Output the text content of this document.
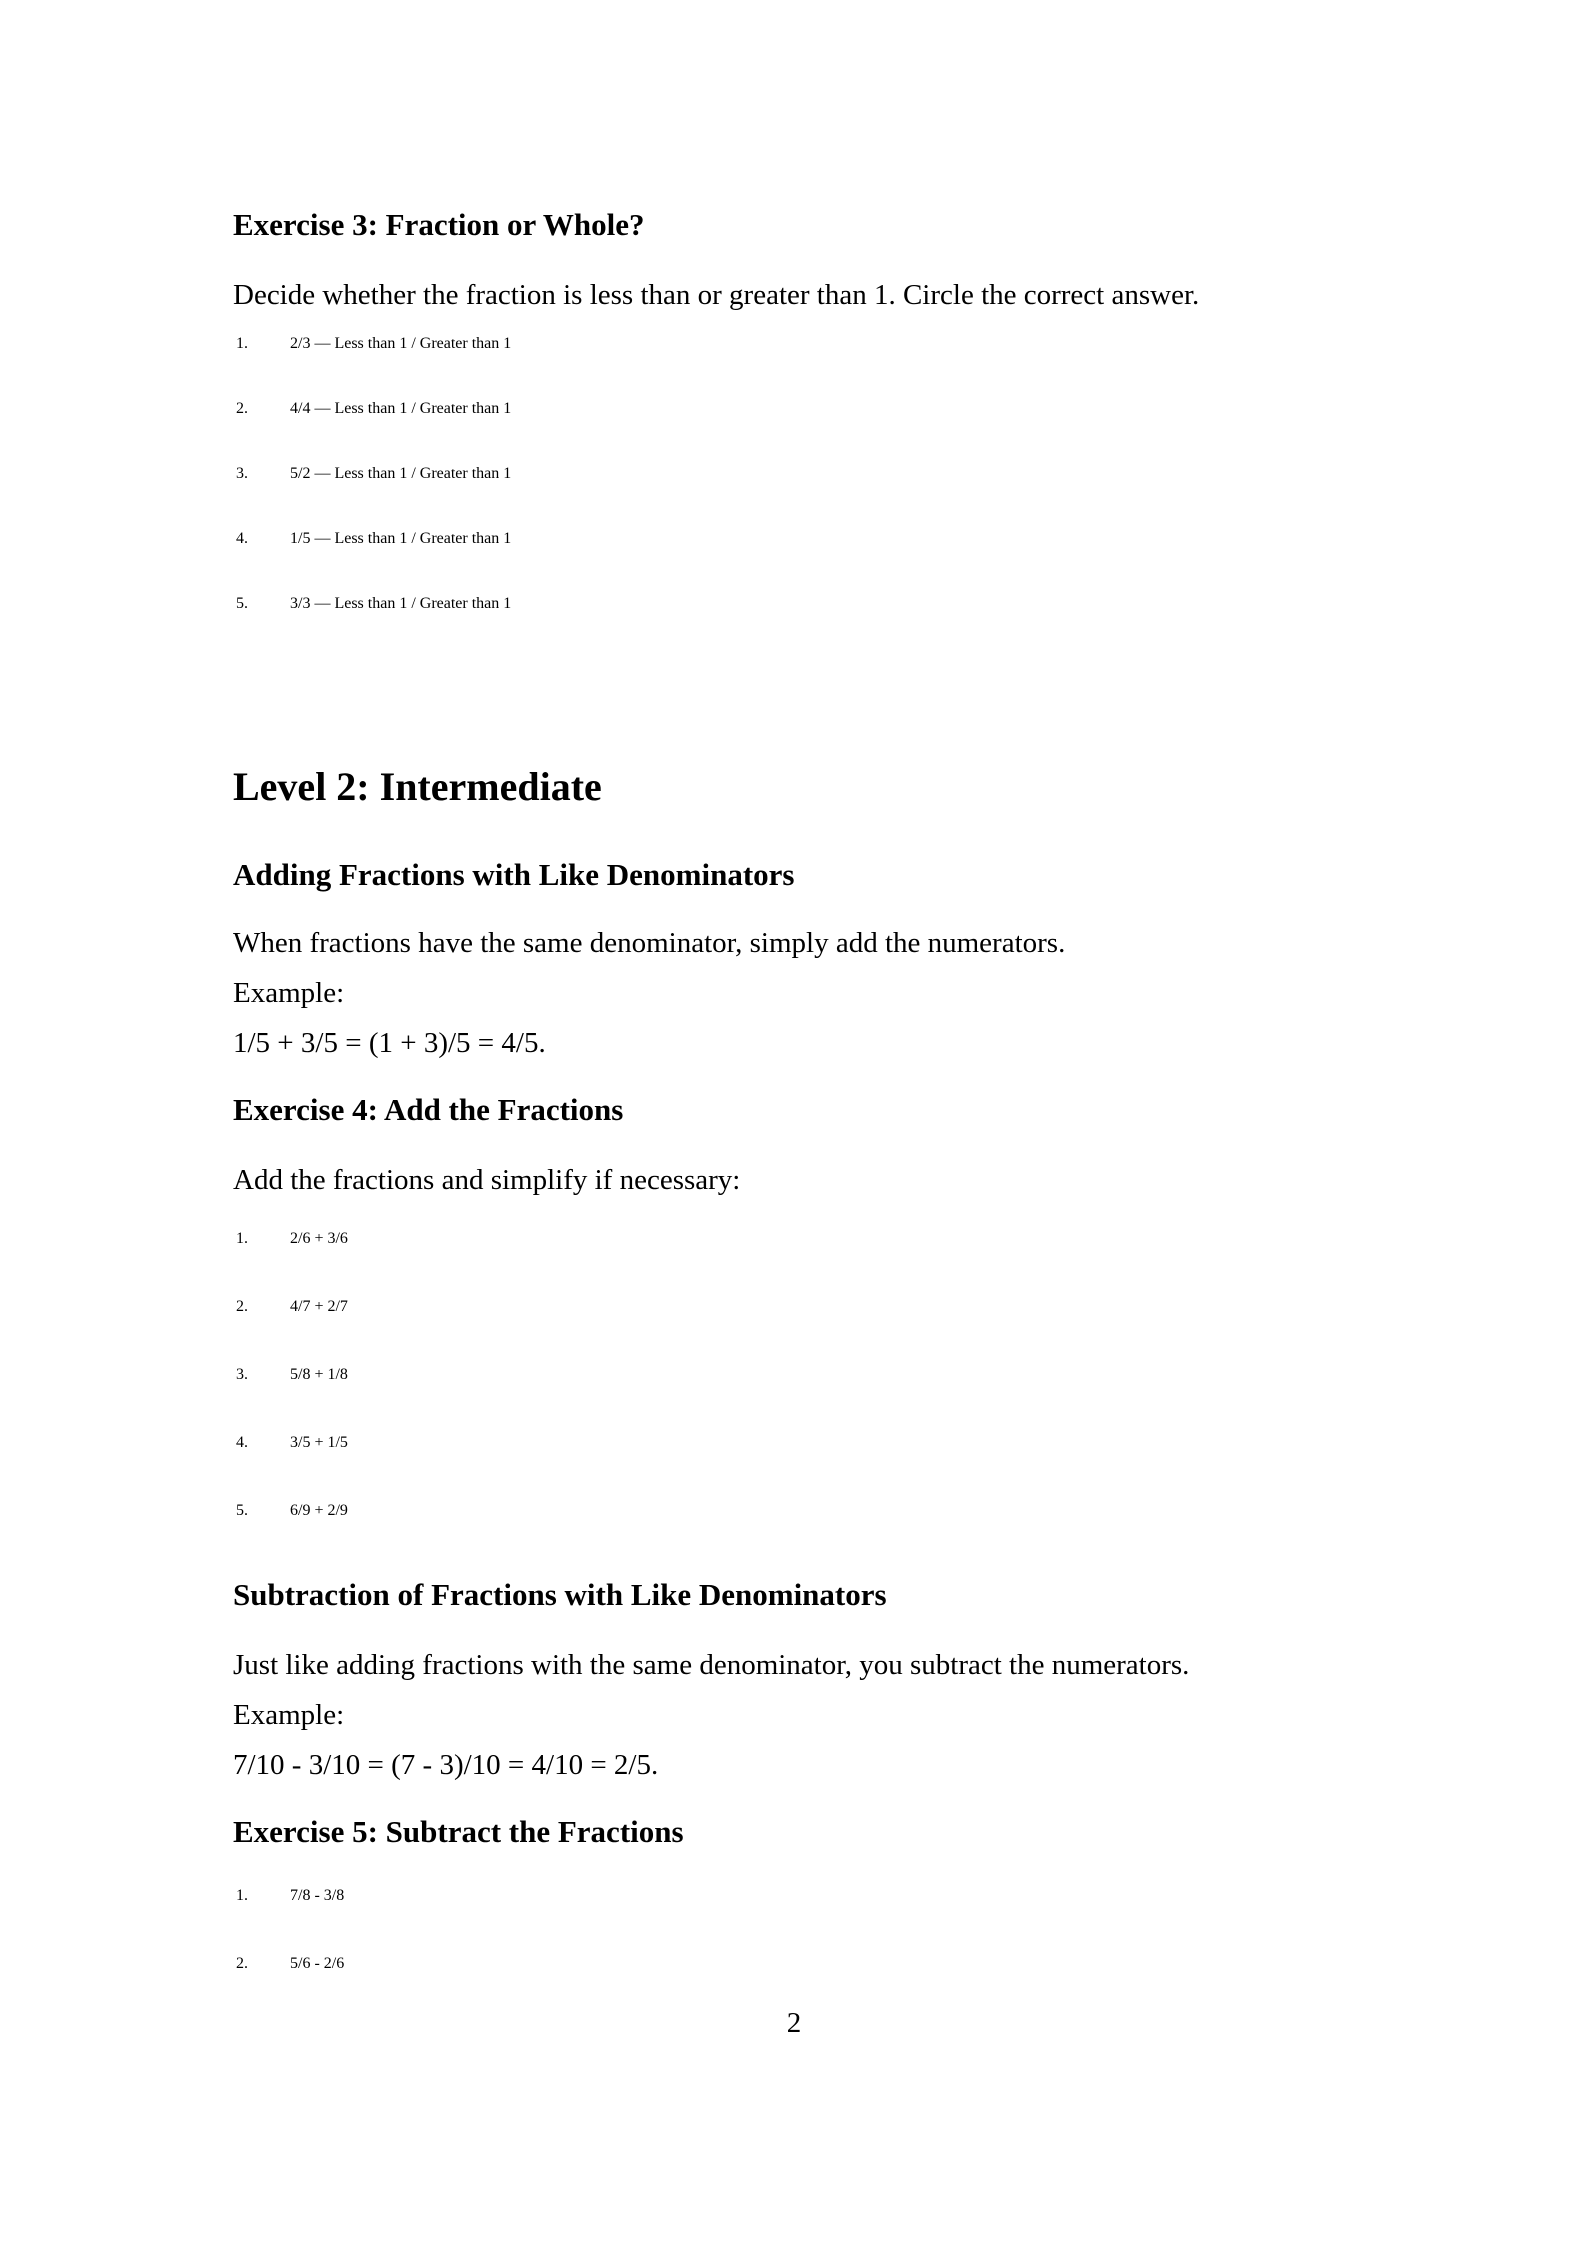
Exercise 3: Fraction or Whole?

Decide whether the fraction is less than or greater than 1. Circle the correct answer.

1.	2/3 — Less than 1 / Greater than 1
2.	4/4 — Less than 1 / Greater than 1
3.	5/2 — Less than 1 / Greater than 1
4.	1/5 — Less than 1 / Greater than 1
5.	3/3 — Less than 1 / Greater than 1
Level 2: Intermediate
Adding Fractions with Like Denominators
When fractions have the same denominator, simply add the numerators.
Example:
1/5 + 3/5 = (1 + 3)/5 = 4/5.
Exercise 4: Add the Fractions

Add the fractions and simplify if necessary:

1.	2/6 + 3/6
2.	4/7 + 2/7
3.	5/8 + 1/8
4.	3/5 + 1/5
5.	6/9 + 2/9
Subtraction of Fractions with Like Denominators
Just like adding fractions with the same denominator, you subtract the numerators.
Example:
7/10 - 3/10 = (7 - 3)/10 = 4/10 = 2/5.
Exercise 5: Subtract the Fractions
1.	7/8 - 3/8
2.	5/6 - 2/6
2
